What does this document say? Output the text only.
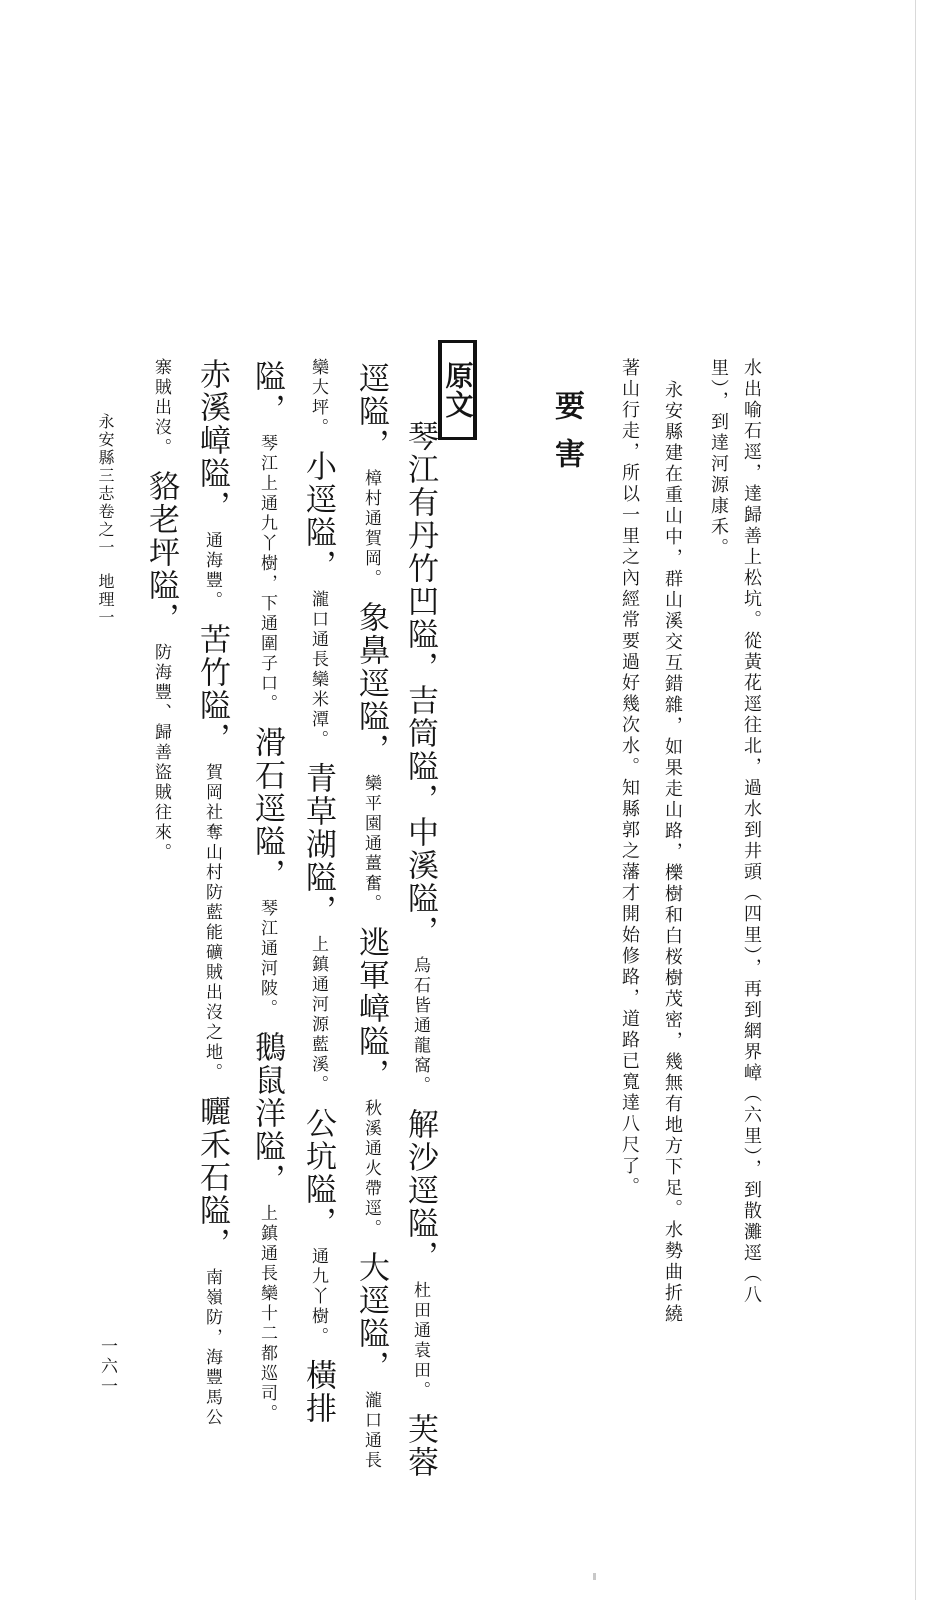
水出喻石逕，達歸善上松坑。從黃花逕往北，過水到井頭（四里），再到網界嶂（六里），到散灘逕（八
里），到達河源康禾。
永安縣建在重山中，群山溪交互錯雜，如果走山路，櫟樹和白桜樹茂密，幾無有地方下足。水勢曲折繞
著山行走，所以一里之內經常要過好幾次水。知縣郭之藩才開始修路，道路已寬達八尺了。
要害
原文
琴江有丹竹凹隘，吉筒隘，中溪隘，烏石皆通龍窩。解沙逕隘，杜田通袁田。芙蓉
逕隘，樟村通賀岡。象鼻逕隘，欒平園通薑奮。逃軍嶂隘，秋溪通火帶逕。大逕隘，瀧口通長
欒大坪。小逕隘，瀧口通長欒米潭。青草湖隘，上鎮通河源藍溪。公坑隘，通九丫樹。橫排
隘，琴江上通九丫樹，下通圍子口。滑石逕隘，琴江通河陂。鵝鼠洋隘，上鎮通長欒十二都巡司。
赤溪嶂隘，通海豐。苦竹隘，賀岡社奪山村防藍能礦賊出沒之地。曬禾石隘，南嶺防，海豐馬公
寨賊出沒。貉老坪隘，防海豐、歸善盜賊往來。
永安縣三志卷之一地理一
一六一
